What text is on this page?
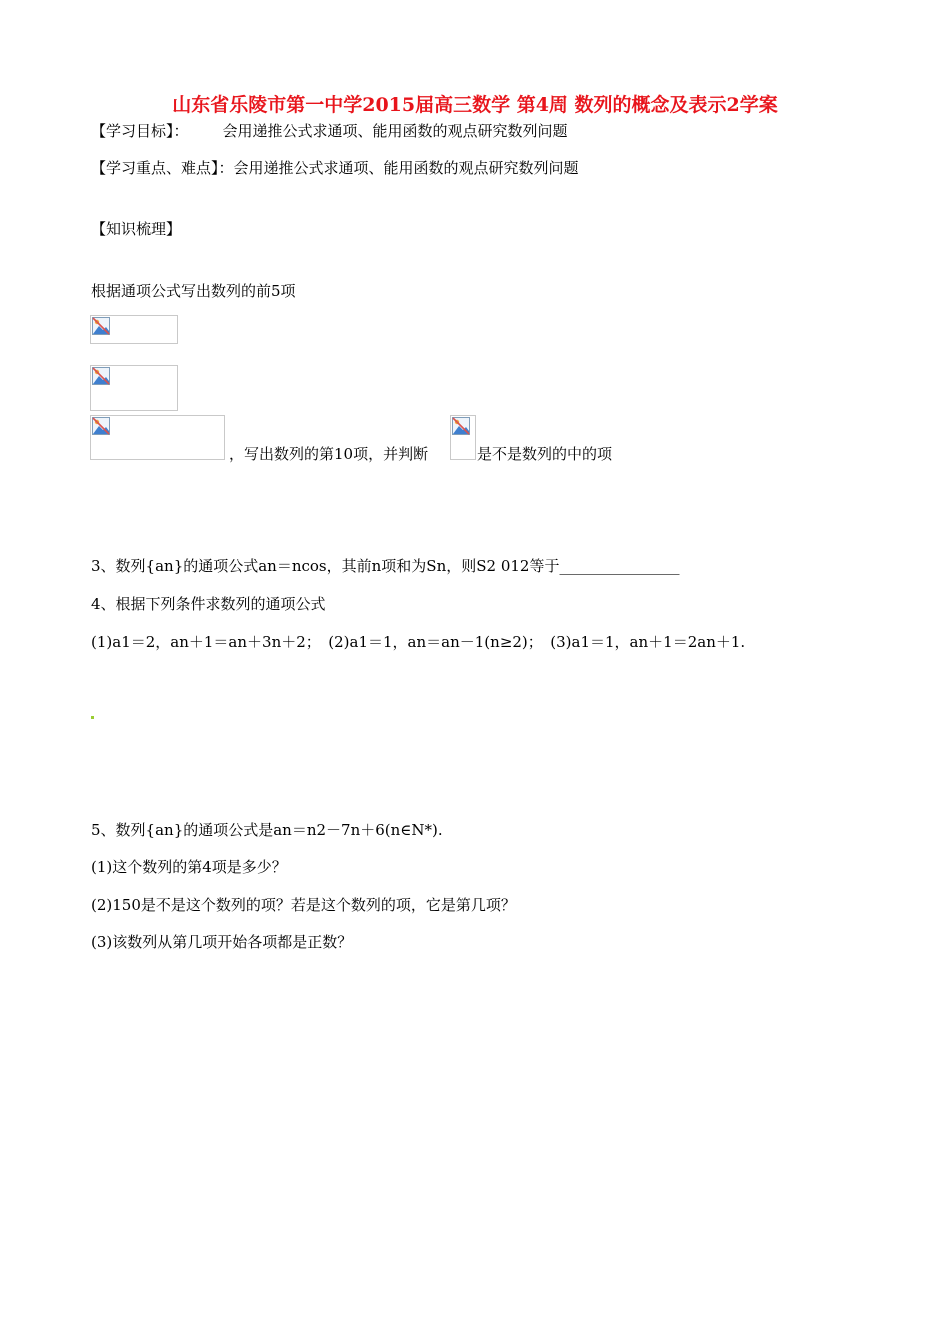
山东省乐陵市第一中学2015届高三数学 第4周 数列的概念及表示2学案
【学习目标】： 会用递推公式求通项、能用函数的观点研究数列问题
【学习重点、难点】：会用递推公式求通项、能用函数的观点研究数列问题
【知识梳理】
根据通项公式写出数列的前5项
，写出数列的第10项，并判断	是不是数列的中的项
3、数列{an}的通项公式an＝ncos，其前n项和为Sn，则S2 012等于________________
4、根据下列条件求数列的通项公式
(1)a1＝2，an＋1＝an＋3n＋2；　(2)a1＝1，an＝an－1(n≥2)；　(3)a1＝1，an＋1＝2an＋1.
5、数列{an}的通项公式是an＝n2－7n＋6(n∈N*).
(1)这个数列的第4项是多少？
(2)150是不是这个数列的项？若是这个数列的项，它是第几项？
(3)该数列从第几项开始各项都是正数？
